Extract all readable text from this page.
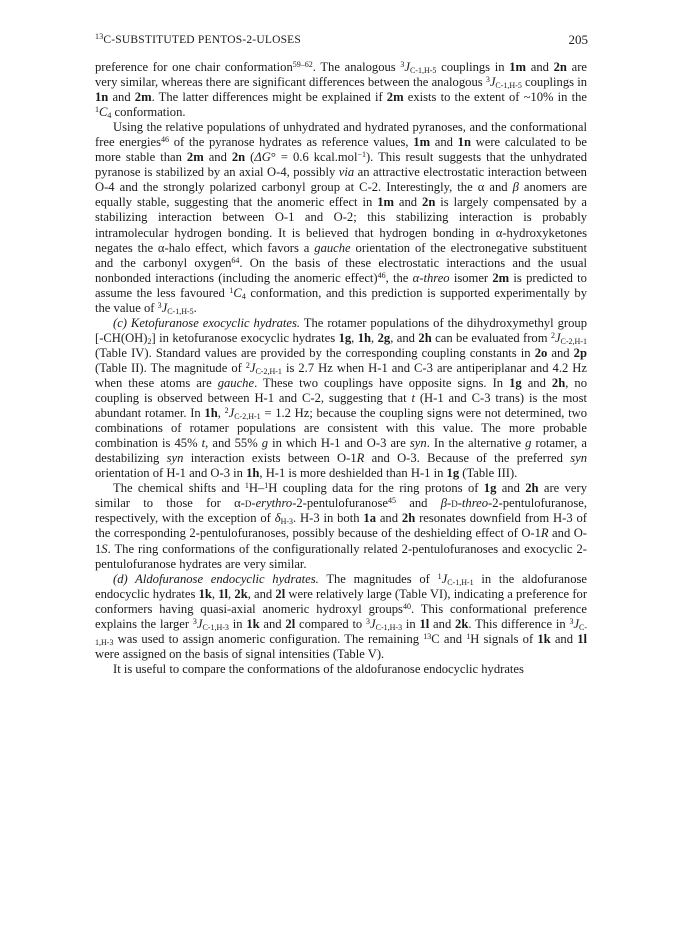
$^{13}$C-SUBSTITUTED PENTOS-2-ULOSES	205

preference for one chair conformation$^{59-62}$. The analogous $^3J_{C-1,H-5}$ couplings in 1m and 2n are very similar, whereas there are significant differences between the analogous $^3J_{C-1,H-5}$ couplings in 1n and 2m. The latter differences might be explained if 2m exists to the extent of ~10% in the $^1C_4$ conformation.

Using the relative populations of unhydrated and hydrated pyranoses, and the conformational free energies$^{46}$ of the pyranose hydrates as reference values, 1m and 1n were calculated to be more stable than 2m and 2n (ΔG° = 0.6 kcal.mol$^{-1}$). This result suggests that the unhydrated pyranose is stabilized by an axial O-4, possibly via an attractive electrostatic interaction between O-4 and the strongly polarized carbonyl group at C-2. Interestingly, the α and β anomers are equally stable, suggesting that the anomeric effect in 1m and 2n is largely compensated by a stabilizing interaction between O-1 and O-2; this stabilizing interaction is probably intramolecular hydrogen bonding. It is believed that hydrogen bonding in α-hydroxyketones negates the α-halo effect, which favors a gauche orientation of the electronegative substituent and the carbonyl oxygen$^{64}$. On the basis of these electrostatic interactions and the usual nonbonded interactions (including the anomeric effect)$^{46}$, the α-threo isomer 2m is predicted to assume the less favoured $^1C_4$ conformation, and this prediction is supported experimentally by the value of $^3J_{C-1,H-5}$.

(c) Ketofuranose exocyclic hydrates. The rotamer populations of the dihydroxymethyl group $[-CH(OH)_2]$ in ketofuranose exocyclic hydrates 1g, 1h, 2g, and 2h can be evaluated from $^2J_{C-2,H-1}$ (Table IV). Standard values are provided by the corresponding coupling constants in 2o and 2p (Table II). The magnitude of $^2J_{C-2,H-1}$ is 2.7 Hz when H-1 and C-3 are antiperiplanar and 4.2 Hz when these atoms are gauche. These two couplings have opposite signs. In 1g and 2h, no coupling is observed between H-1 and C-2, suggesting that t (H-1 and C-3 trans) is the most abundant rotamer. In 1h, $^2J_{C-2,H-1} = 1.2$ Hz; because the coupling signs were not determined, two combinations of rotamer populations are consistent with this value. The more probable combination is 45% t, and 55% g in which H-1 and O-3 are syn. In the alternative g rotamer, a destabilizing syn interaction exists between O-1R and O-3. Because of the preferred syn orientation of H-1 and O-3 in 1h, H-1 is more deshielded than H-1 in 1g (Table III).

The chemical shifts and $^1$H–$^1$H coupling data for the ring protons of 1g and 2h are very similar to those for α-d-erythro-2-pentulofuranose$^{45}$ and β-d-threo-2-pentulofuranose, respectively, with the exception of $\delta_{H-3}$. H-3 in both 1a and 2h resonates downfield from H-3 of the corresponding 2-pentulofuranoses, possibly because of the deshielding effect of O-1R and O-1S. The ring conformations of the configurationally related 2-pentulofuranoses and exocyclic 2-pentulofuranose hydrates are very similar.

(d) Aldofuranose endocyclic hydrates. The magnitudes of $^1J_{C-1,H-1}$ in the aldofuranose endocyclic hydrates 1k, 1l, 2k, and 2l were relatively large (Table VI), indicating a preference for conformers having quasi-axial anomeric hydroxyl groups$^{40}$. This conformational preference explains the larger $^3J_{C-1,H-3}$ in 1k and 2l compared to $^3J_{C-1,H-3}$ in 1l and 2k. This difference in $^3J_{C-1,H-3}$ was used to assign anomeric configuration. The remaining $^{13}$C and $^1$H signals of 1k and 1l were assigned on the basis of signal intensities (Table V).

It is useful to compare the conformations of the aldofuranose endocyclic hydrates
